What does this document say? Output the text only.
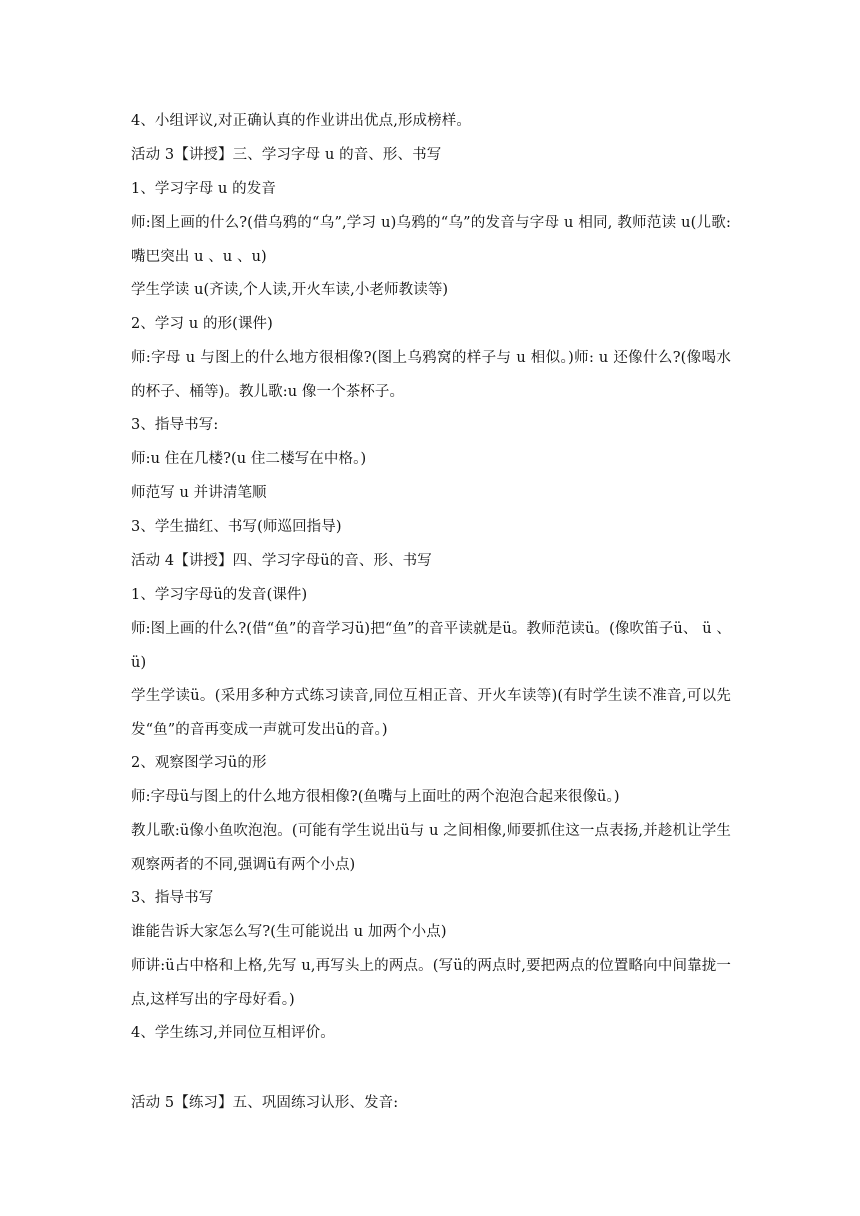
4、小组评议,对正确认真的作业讲出优点,形成榜样。

活动 3【讲授】三、学习字母 u 的音、形、书写

1、学习字母 u 的发音

师:图上画的什么?(借乌鸦的“乌”,学习 u)乌鸦的“乌”的发音与字母 u 相同, 教师范读 u(儿歌:嘴巴突出 u 、u 、u)

学生学读 u(齐读,个人读,开火车读,小老师教读等)

2、学习 u 的形(课件)

师:字母 u 与图上的什么地方很相像?(图上乌鸦窝的样子与 u 相似。)师: u 还像什么?(像喝水的杯子、桶等)。教儿歌:u 像一个茶杯子。

3、指导书写:

师:u 住在几楼?(u 住二楼写在中格。)

师范写 u 并讲清笔顺

3、学生描红、书写(师巡回指导)

活动 4【讲授】四、学习字母ü的音、形、书写

1、学习字母ü的发音(课件)

师:图上画的什么?(借“鱼”的音学习ü)把“鱼”的音平读就是ü。教师范读ü。(像吹笛子ü、 ü 、ü)

学生学读ü。(采用多种方式练习读音,同位互相正音、开火车读等)(有时学生读不准音,可以先发“鱼”的音再变成一声就可发出ü的音。)

2、观察图学习ü的形

师:字母ü与图上的什么地方很相像?(鱼嘴与上面吐的两个泡泡合起来很像ü。)

教儿歌:ü像小鱼吹泡泡。(可能有学生说出ü与 u 之间相像,师要抓住这一点表扬,并趁机让学生观察两者的不同,强调ü有两个小点)

3、指导书写

谁能告诉大家怎么写?(生可能说出 u 加两个小点)

师讲:ü占中格和上格,先写 u,再写头上的两点。(写ü的两点时,要把两点的位置略向中间靠拢一点,这样写出的字母好看。)

4、学生练习,并同位互相评价。

活动 5【练习】五、巩固练习认形、发音:
